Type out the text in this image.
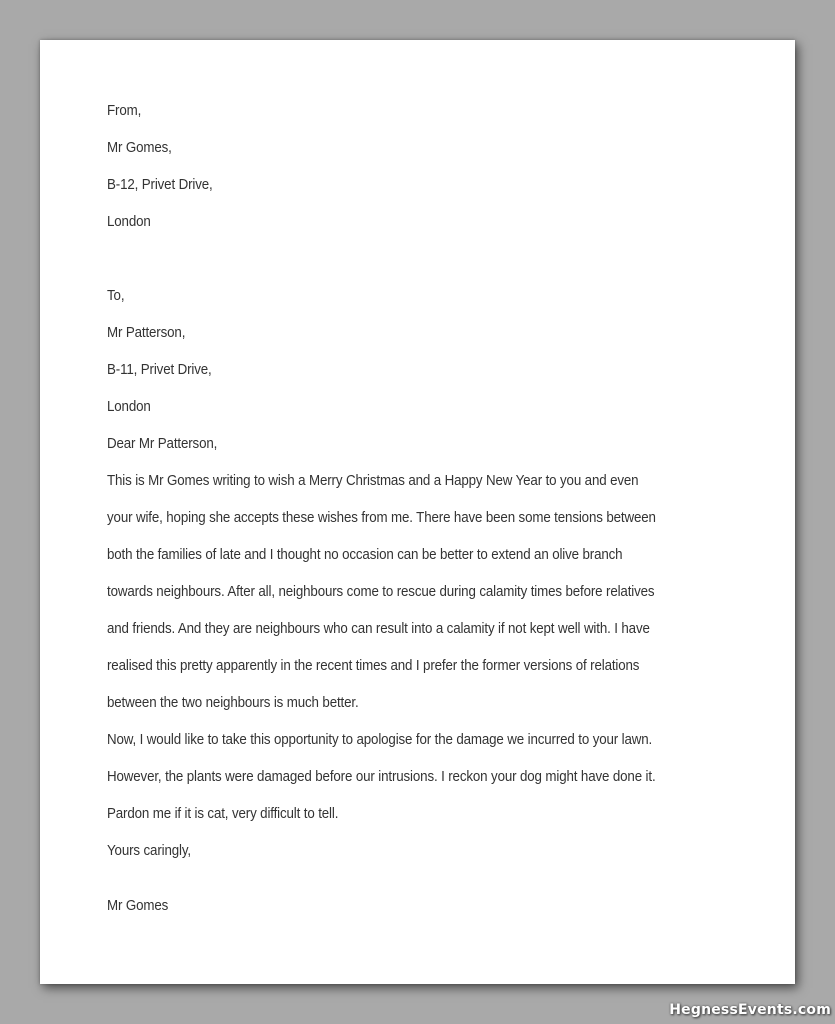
From,
Mr Gomes,
B-12, Privet Drive,
London
To,
Mr Patterson,
B-11, Privet Drive,
London
Dear Mr Patterson,
This is Mr Gomes writing to wish a Merry Christmas and a Happy New Year to you and even
your wife, hoping she accepts these wishes from me. There have been some tensions between
both the families of late and I thought no occasion can be better to extend an olive branch
towards neighbours. After all, neighbours come to rescue during calamity times before relatives
and friends. And they are neighbours who can result into a calamity if not kept well with. I have
realised this pretty apparently in the recent times and I prefer the former versions of relations
between the two neighbours is much better.
Now, I would like to take this opportunity to apologise for the damage we incurred to your lawn.
However, the plants were damaged before our intrusions. I reckon your dog might have done it.
Pardon me if it is cat, very difficult to tell.
Yours caringly,
Mr Gomes
HegnessEvents.com
